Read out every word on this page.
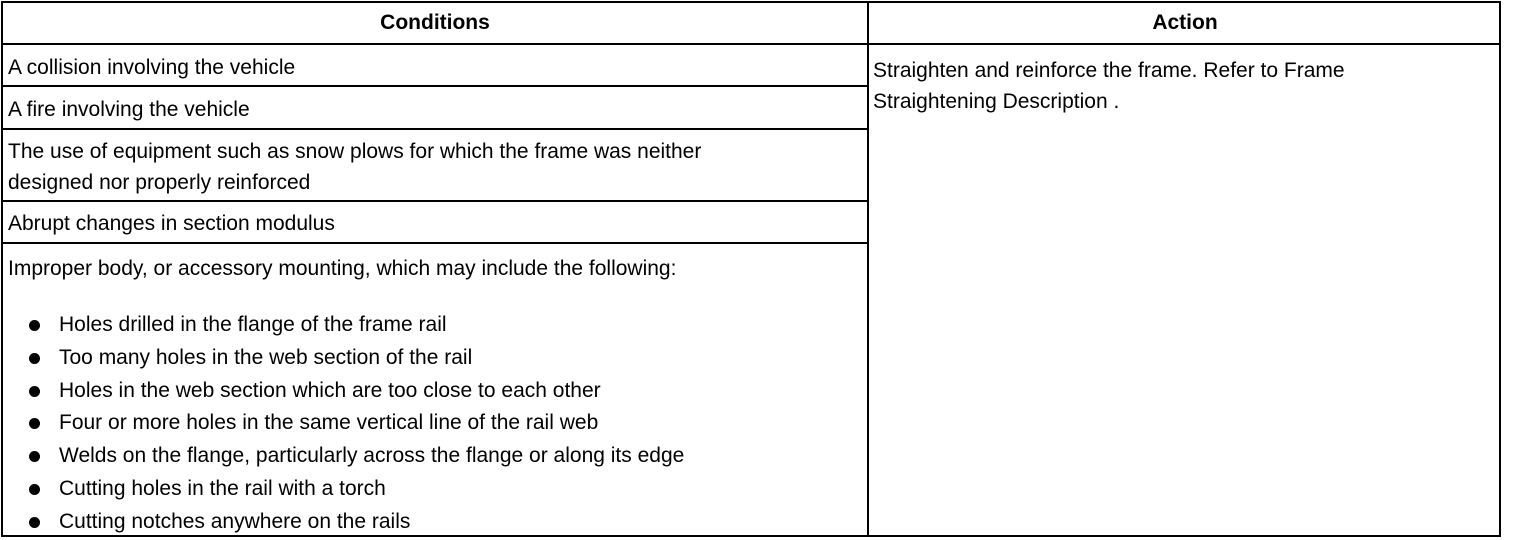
Conditions	Action
A collision involving the vehicle
A fire involving the vehicle
The use of equipment such as snow plows for which the frame was neither
designed nor properly reinforced
Abrupt changes in section modulus
Improper body, or accessory mounting, which may include the following:
Holes drilled in the flange of the frame rail
Too many holes in the web section of the rail
Holes in the web section which are too close to each other
Four or more holes in the same vertical line of the rail web
Welds on the flange, particularly across the flange or along its edge
Cutting holes in the rail with a torch
Cutting notches anywhere on the rails
Straighten and reinforce the frame. Refer to Frame Straightening Description .
